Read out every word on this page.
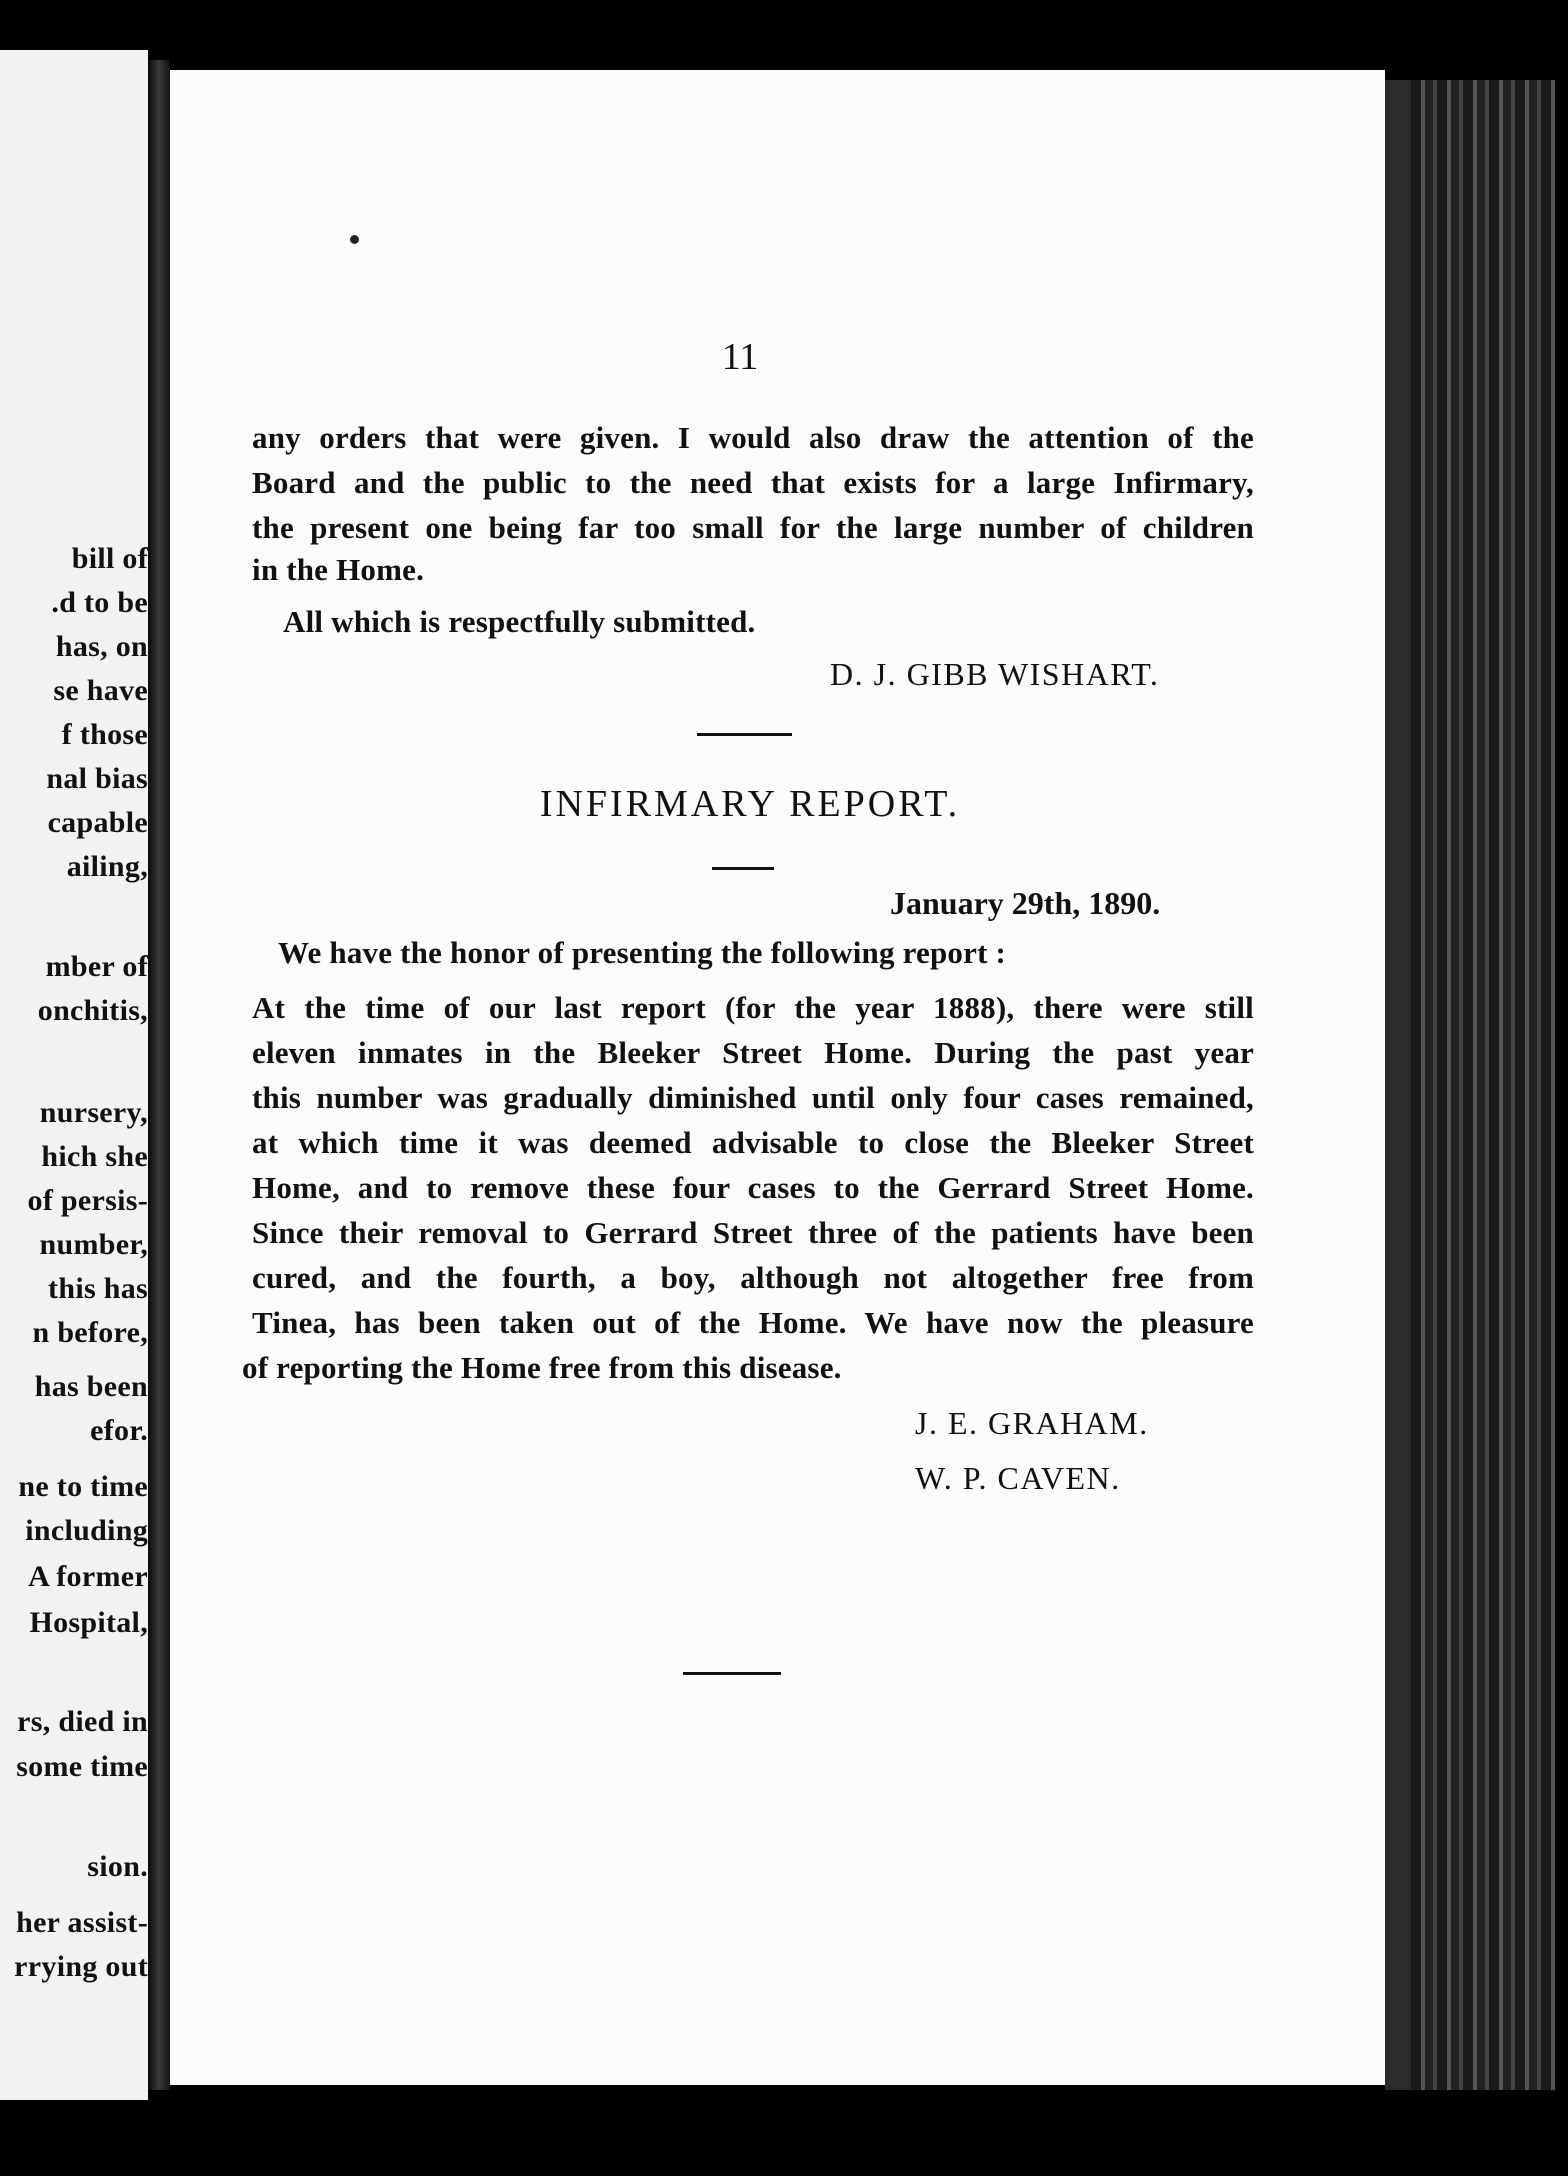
bill of
.d to be
has, on
se have
f those
nal bias
capable
ailing,
mber of
onchitis,
nursery,
hich she
of persis-
number,
this has
n before,
has been
efor.
ne to time
including
A former
Hospital,
rs, died in
some time
sion.
her assist-
rrying out
11
any orders that were given. I would also draw the attention of the
Board and the public to the need that exists for a large Infirmary,
the present one being far too small for the large number of children
in the Home.
All which is respectfully submitted.
D. J. GIBB WISHART.
INFIRMARY REPORT.
January 29th, 1890.
We have the honor of presenting the following report :
At the time of our last report (for the year 1888), there were still
eleven inmates in the Bleeker Street Home. During the past year
this number was gradually diminished until only four cases remained,
at which time it was deemed advisable to close the Bleeker Street
Home, and to remove these four cases to the Gerrard Street Home.
Since their removal to Gerrard Street three of the patients have been
cured, and the fourth, a boy, although not altogether free from
Tinea, has been taken out of the Home. We have now the pleasure
of reporting the Home free from this disease.
J. E. GRAHAM.
W. P. CAVEN.
